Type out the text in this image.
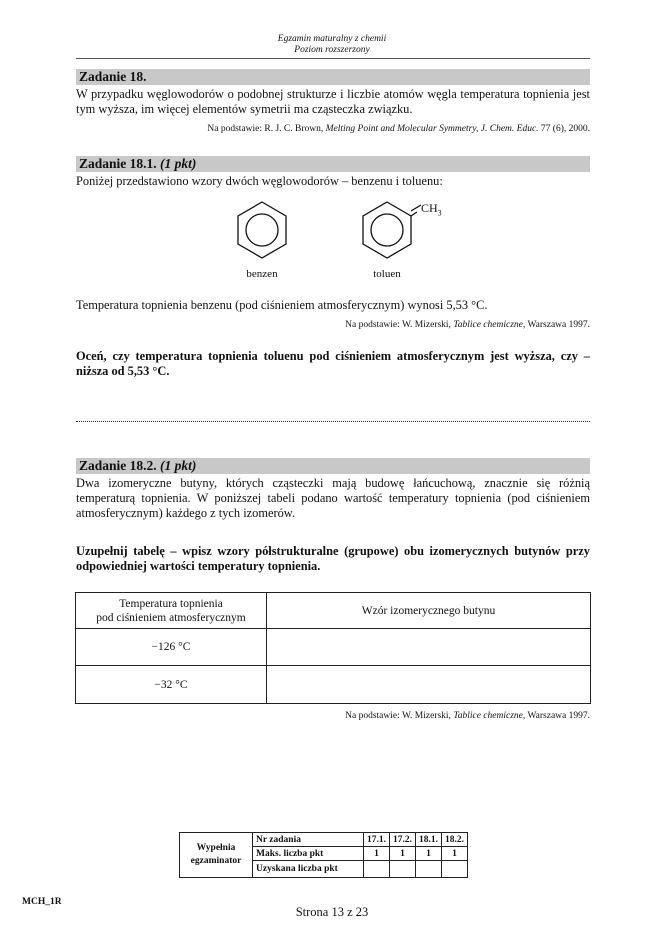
Egzamin maturalny z chemii
Poziom rozszerzony
Zadanie 18.
W przypadku węglowodorów o podobnej strukturze i liczbie atomów węgla temperatura topnienia jest tym wyższa, im więcej elementów symetrii ma cząsteczka związku.
Na podstawie: R. J. C. Brown, Melting Point and Molecular Symmetry, J. Chem. Educ. 77 (6), 2000.
Zadanie 18.1. (1 pkt)
Poniżej przedstawiono wzory dwóch węglowodorów – benzenu i toluenu:
benzen
$CH_3$
toluen
Temperatura topnienia benzenu (pod ciśnieniem atmosferycznym) wynosi 5,53 °C.
Na podstawie: W. Mizerski, Tablice chemiczne, Warszawa 1997.
Oceń, czy temperatura topnienia toluenu pod ciśnieniem atmosferycznym jest wyższa, czy – niższa od 5,53 °C.
Zadanie 18.2. (1 pkt)
Dwa izomeryczne butyny, których cząsteczki mają budowę łańcuchową, znacznie się różnią temperaturą topnienia. W poniższej tabeli podano wartość temperatury topnienia (pod ciśnieniem atmosferycznym) każdego z tych izomerów.
Uzupełnij tabelę – wpisz wzory półstrukturalne (grupowe) obu izomerycznych butynów przy odpowiedniej wartości temperatury topnienia.
Temperatura topnienia
pod ciśnieniem atmosferycznym	Wzór izomerycznego butynu
−126 °C	
−32 °C	
Na podstawie: W. Mizerski, Tablice chemiczne, Warszawa 1997.
Wypełnia
egzaminator	Nr zadania	17.1.	17.2.	18.1.	18.2.
	Maks. liczba pkt	1	1	1	1
	Uzyskana liczba pkt				
MCH_1R
Strona 13 z 23
